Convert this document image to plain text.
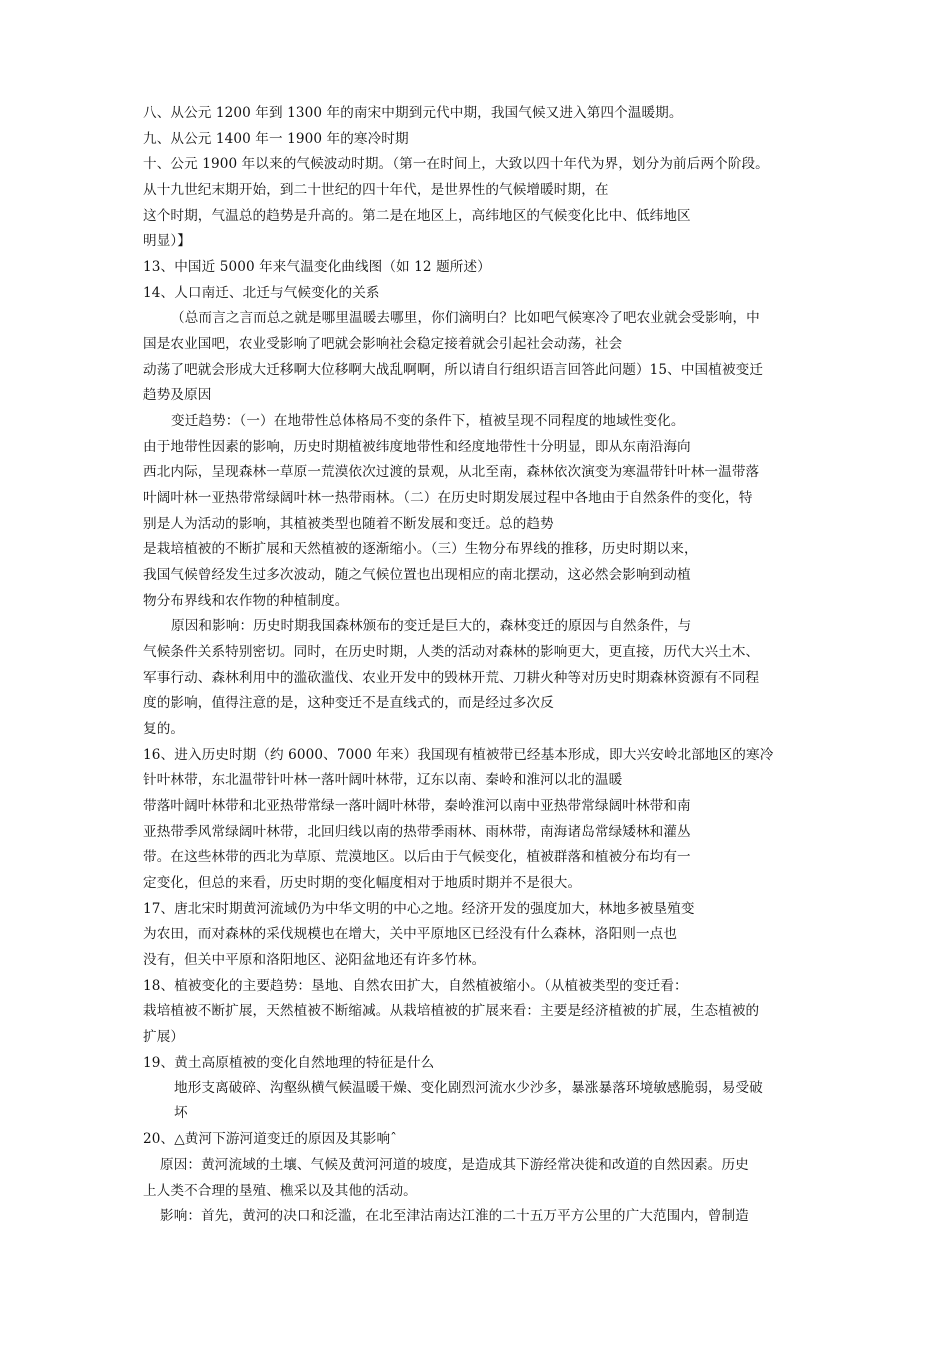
八、从公元 1200 年到 1300 年的南宋中期到元代中期，我国气候又进入第四个温暖期。
九、从公元 1400 年一 1900 年的寒冷时期
十、公元 1900 年以来的气候波动时期。（第一在时间上，大致以四十年代为界，划分为前后两个阶段。
从十九世纪末期开始，到二十世纪的四十年代，是世界性的气候增暖时期，在
这个时期，气温总的趋势是升高的。第二是在地区上，高纬地区的气候变化比中、低纬地区
明显）】
13、中国近 5000 年来气温变化曲线图（如 12 题所述）
14、人口南迁、北迁与气候变化的关系
（总而言之言而总之就是哪里温暖去哪里，你们滴明白？比如吧气候寒冷了吧农业就会受影响，中
国是农业国吧，农业受影响了吧就会影响社会稳定接着就会引起社会动荡，社会
动荡了吧就会形成大迁移啊大位移啊大战乱啊啊，所以请自行组织语言回答此问题）15、中国植被变迁
趋势及原因
变迁趋势：（一）在地带性总体格局不变的条件下，植被呈现不同程度的地域性变化。
由于地带性因素的影响，历史时期植被纬度地带性和经度地带性十分明显，即从东南沿海向
西北内际，呈现森林一草原一荒漠依次过渡的景观，从北至南，森林依次演变为寒温带针叶林一温带落
叶阔叶林一亚热带常绿阔叶林一热带雨林。（二）在历史时期发展过程中各地由于自然条件的变化，特
别是人为活动的影响，其植被类型也随着不断发展和变迁。总的趋势
是栽培植被的不断扩展和天然植被的逐渐缩小。（三）生物分布界线的推移，历史时期以来，
我国气候曾经发生过多次波动，随之气候位置也出现相应的南北摆动，这必然会影响到动植
物分布界线和农作物的种植制度。
原因和影响：历史时期我国森林颁布的变迁是巨大的，森林变迁的原因与自然条件，与
气候条件关系特别密切。同时，在历史时期，人类的活动对森林的影响更大，更直接，历代大兴土木、
军事行动、森林利用中的滥砍滥伐、农业开发中的毁林开荒、刀耕火种等对历史时期森林资源有不同程
度的影响，值得注意的是，这种变迁不是直线式的，而是经过多次反
复的。
16、进入历史时期（约 6000、7000 年来）我国现有植被带已经基本形成，即大兴安岭北部地区的寒冷
针叶林带，东北温带针叶林一落叶阔叶林带，辽东以南、秦岭和淮河以北的温暖
带落叶阔叶林带和北亚热带常绿一落叶阔叶林带，秦岭淮河以南中亚热带常绿阔叶林带和南
亚热带季风常绿阔叶林带，北回归线以南的热带季雨林、雨林带，南海诸岛常绿矮林和灌丛
带。在这些林带的西北为草原、荒漠地区。以后由于气候变化，植被群落和植被分布均有一
定变化，但总的来看，历史时期的变化幅度相对于地质时期并不是很大。
17、唐北宋时期黄河流域仍为中华文明的中心之地。经济开发的强度加大，林地多被垦殖变
为农田，而对森林的采伐规模也在增大，关中平原地区已经没有什么森林，洛阳则一点也
没有，但关中平原和洛阳地区、泌阳盆地还有许多竹林。
18、植被变化的主要趋势：垦地、自然农田扩大，自然植被缩小。（从植被类型的变迁看：
栽培植被不断扩展，天然植被不断缩减。从栽培植被的扩展来看：主要是经济植被的扩展，生态植被的
扩展）
19、黄土高原植被的变化自然地理的特征是什么
地形支离破碎、沟壑纵横气候温暖干燥、变化剧烈河流水少沙多，暴涨暴落环境敏感脆弱，易受破
坏
20、△黄河下游河道变迁的原因及其影响ˆ
原因：黄河流域的土壤、气候及黄河河道的坡度，是造成其下游经常决徙和改道的自然因素。历史
上人类不合理的垦殖、樵采以及其他的活动。
影响：首先，黄河的决口和泛滥，在北至津沽南达江淮的二十五万平方公里的广大范围内，曾制造
